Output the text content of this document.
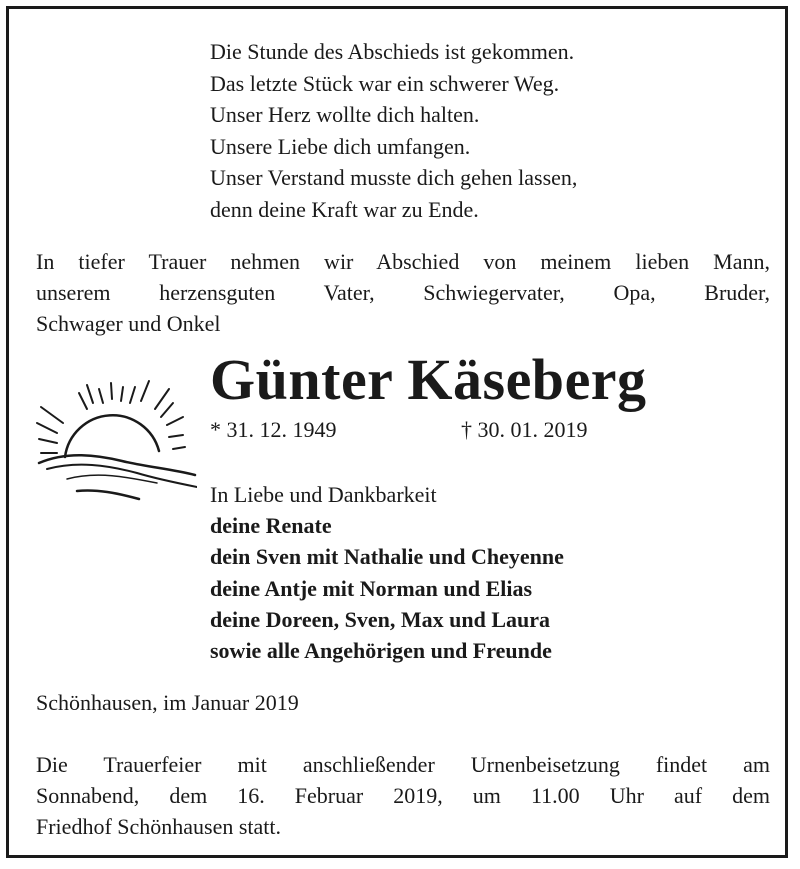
Die Stunde des Abschieds ist gekommen.
Das letzte Stück war ein schwerer Weg.
Unser Herz wollte dich halten.
Unsere Liebe dich umfangen.
Unser Verstand musste dich gehen lassen,
denn deine Kraft war zu Ende.
In tiefer Trauer nehmen wir Abschied von meinem lieben Mann,
unserem herzensguten Vater, Schwiegervater, Opa, Bruder,
Schwager und Onkel
Günter Käseberg
* 31. 12. 1949	† 30. 01. 2019
In Liebe und Dankbarkeit
deine Renate
dein Sven mit Nathalie und Cheyenne
deine Antje mit Norman und Elias
deine Doreen, Sven, Max und Laura
sowie alle Angehörigen und Freunde
Schönhausen, im Januar 2019
Die Trauerfeier mit anschließender Urnenbeisetzung findet am
Sonnabend, dem 16. Februar 2019, um 11.00 Uhr auf dem
Friedhof Schönhausen statt.
